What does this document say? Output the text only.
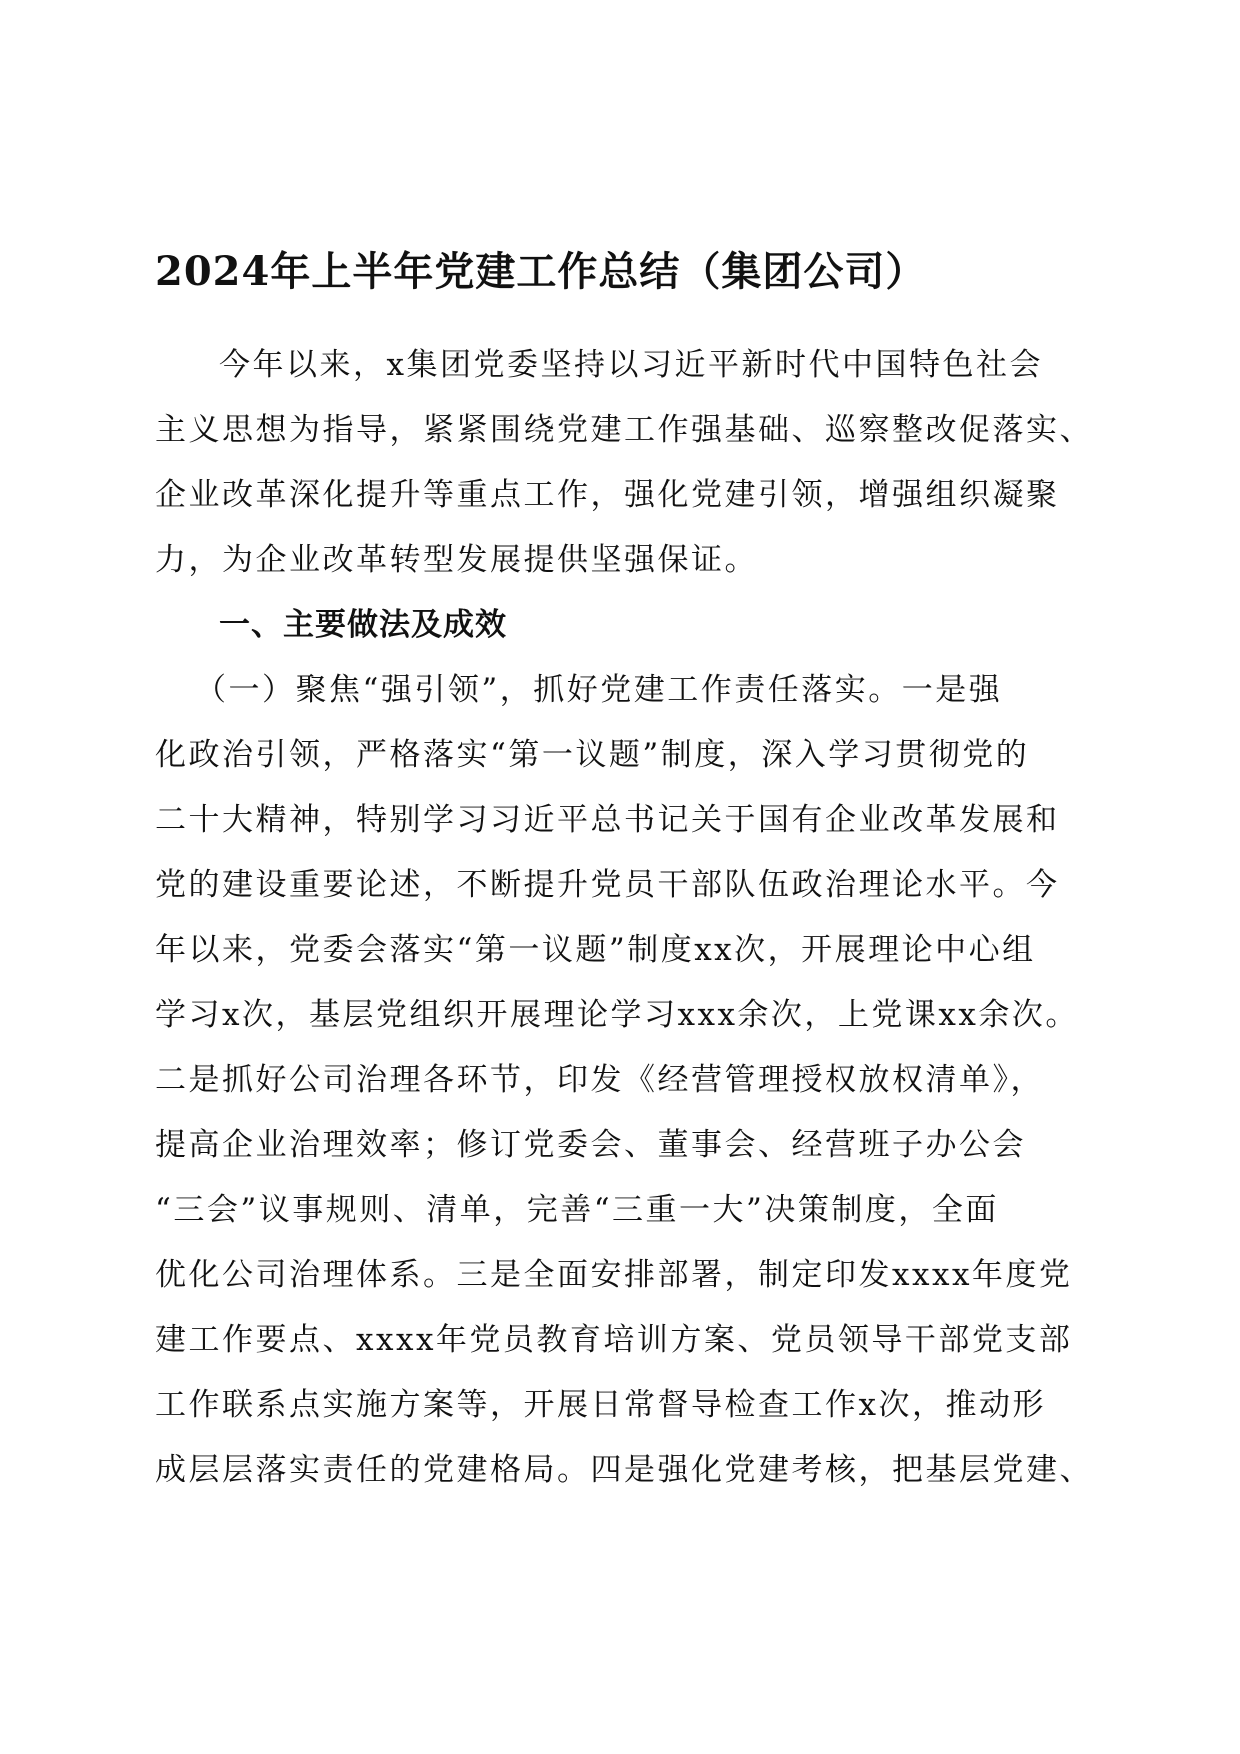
2024年上半年党建工作总结（集团公司）
今年以来，x集团党委坚持以习近平新时代中国特色社会
主义思想为指导，紧紧围绕党建工作强基础、巡察整改促落实、
企业改革深化提升等重点工作，强化党建引领，增强组织凝聚
力，为企业改革转型发展提供坚强保证。
一、主要做法及成效
（一）聚焦“强引领”，抓好党建工作责任落实。一是强
化政治引领，严格落实“第一议题”制度，深入学习贯彻党的
二十大精神，特别学习习近平总书记关于国有企业改革发展和
党的建设重要论述，不断提升党员干部队伍政治理论水平。今
年以来，党委会落实“第一议题”制度xx次，开展理论中心组
学习x次，基层党组织开展理论学习xxx余次，上党课xx余次。
二是抓好公司治理各环节，印发《经营管理授权放权清单》，
提高企业治理效率；修订党委会、董事会、经营班子办公会
“三会”议事规则、清单，完善“三重一大”决策制度，全面
优化公司治理体系。三是全面安排部署，制定印发xxxx年度党
建工作要点、xxxx年党员教育培训方案、党员领导干部党支部
工作联系点实施方案等，开展日常督导检查工作x次，推动形
成层层落实责任的党建格局。四是强化党建考核，把基层党建、
